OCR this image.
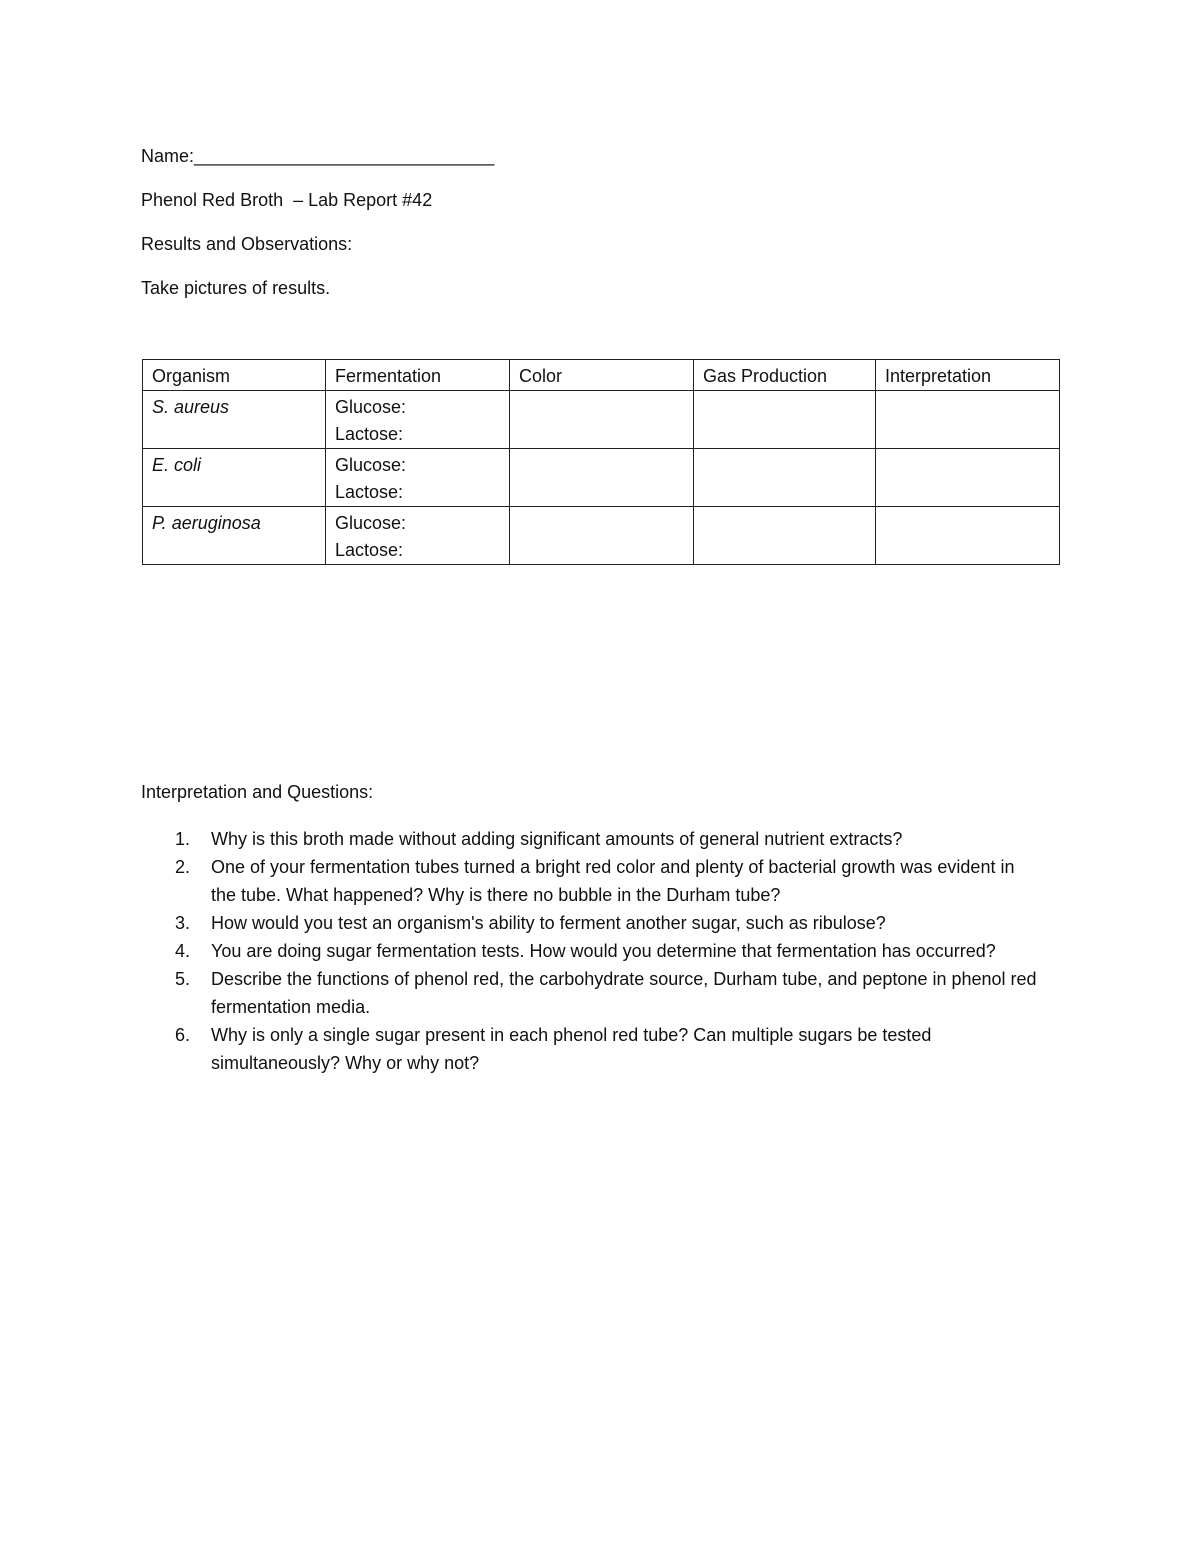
Name:______________________________
Phenol Red Broth  – Lab Report #42
Results and Observations:
Take pictures of results.
Organism	Fermentation	Color	Gas Production	Interpretation
S. aureus	Glucose:
Lactose:			

E. coli	Glucose:
Lactose:			

P. aeruginosa	Glucose:
Lactose:			

Interpretation and Questions:
1. Why is this broth made without adding significant amounts of general nutrient extracts?
2. One of your fermentation tubes turned a bright red color and plenty of bacterial growth was evident in the tube. What happened? Why is there no bubble in the Durham tube?
3. How would you test an organism's ability to ferment another sugar, such as ribulose?
4. You are doing sugar fermentation tests. How would you determine that fermentation has occurred?
5. Describe the functions of phenol red, the carbohydrate source, Durham tube, and peptone in phenol red fermentation media.
6. Why is only a single sugar present in each phenol red tube? Can multiple sugars be tested simultaneously? Why or why not?
